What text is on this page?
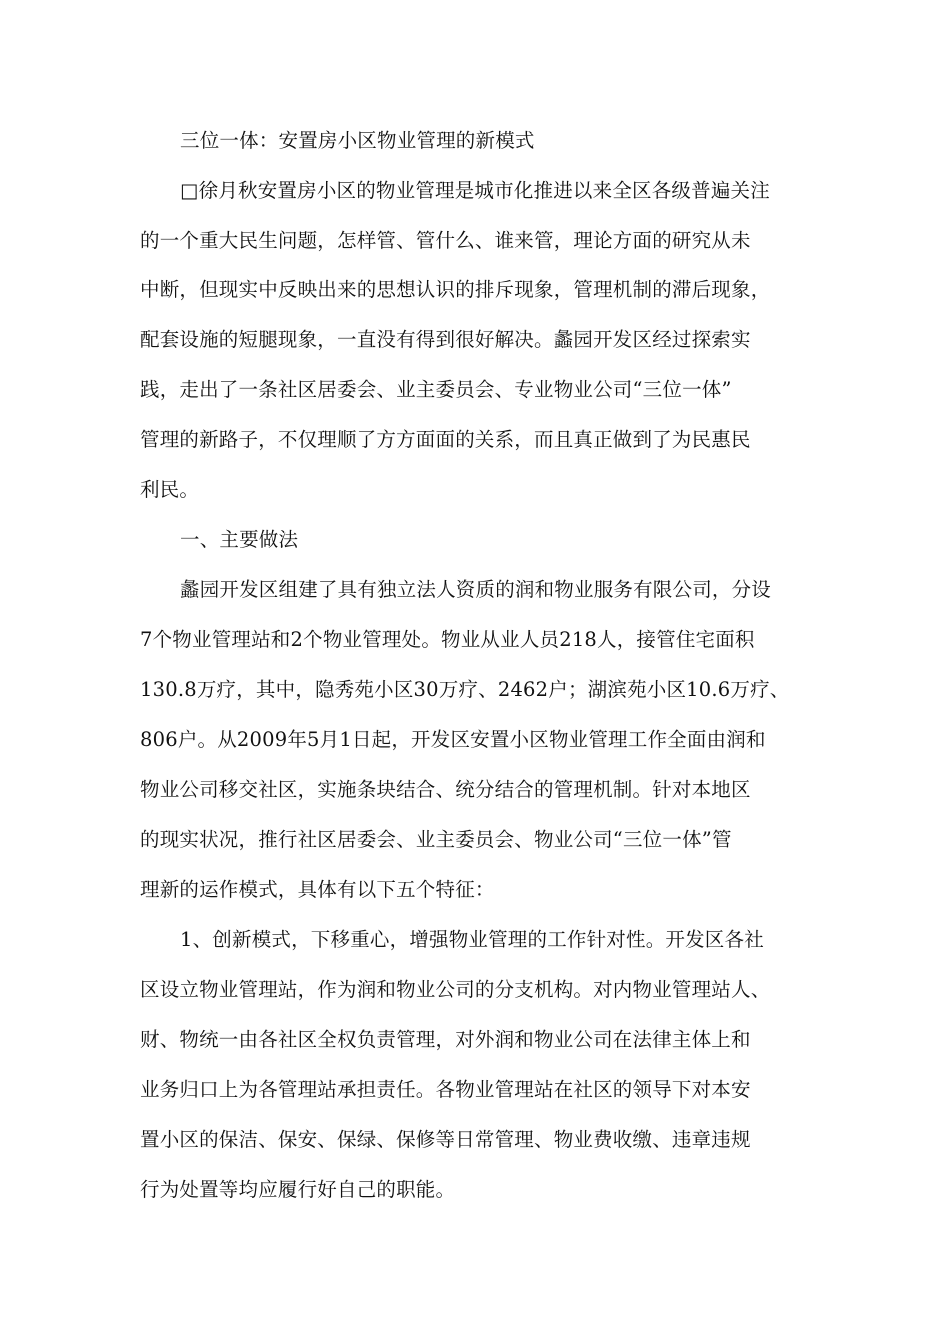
三位一体：安置房小区物业管理的新模式
□徐月秋安置房小区的物业管理是城市化推进以来全区各级普遍关注
的一个重大民生问题，怎样管、管什么、谁来管，理论方面的研究从未
中断，但现实中反映出来的思想认识的排斥现象，管理机制的滞后现象，
配套设施的短腿现象，一直没有得到很好解决。蠡园开发区经过探索实
践，走出了一条社区居委会、业主委员会、专业物业公司“三位一体”
管理的新路子，不仅理顺了方方面面的关系，而且真正做到了为民惠民
利民。
一、主要做法
蠡园开发区组建了具有独立法人资质的润和物业服务有限公司，分设
7个物业管理站和2个物业管理处。物业从业人员218人，接管住宅面积
130.8万疗，其中，隐秀苑小区30万疗、2462户；湖滨苑小区10.6万疗、
806户。从2009年5月1日起，开发区安置小区物业管理工作全面由润和
物业公司移交社区，实施条块结合、统分结合的管理机制。针对本地区
的现实状况，推行社区居委会、业主委员会、物业公司“三位一体”管
理新的运作模式，具体有以下五个特征：
1、创新模式，下移重心，增强物业管理的工作针对性。开发区各社
区设立物业管理站，作为润和物业公司的分支机构。对内物业管理站人、
财、物统一由各社区全权负责管理，对外润和物业公司在法律主体上和
业务归口上为各管理站承担责任。各物业管理站在社区的领导下对本安
置小区的保洁、保安、保绿、保修等日常管理、物业费收缴、违章违规
行为处置等均应履行好自己的职能。
